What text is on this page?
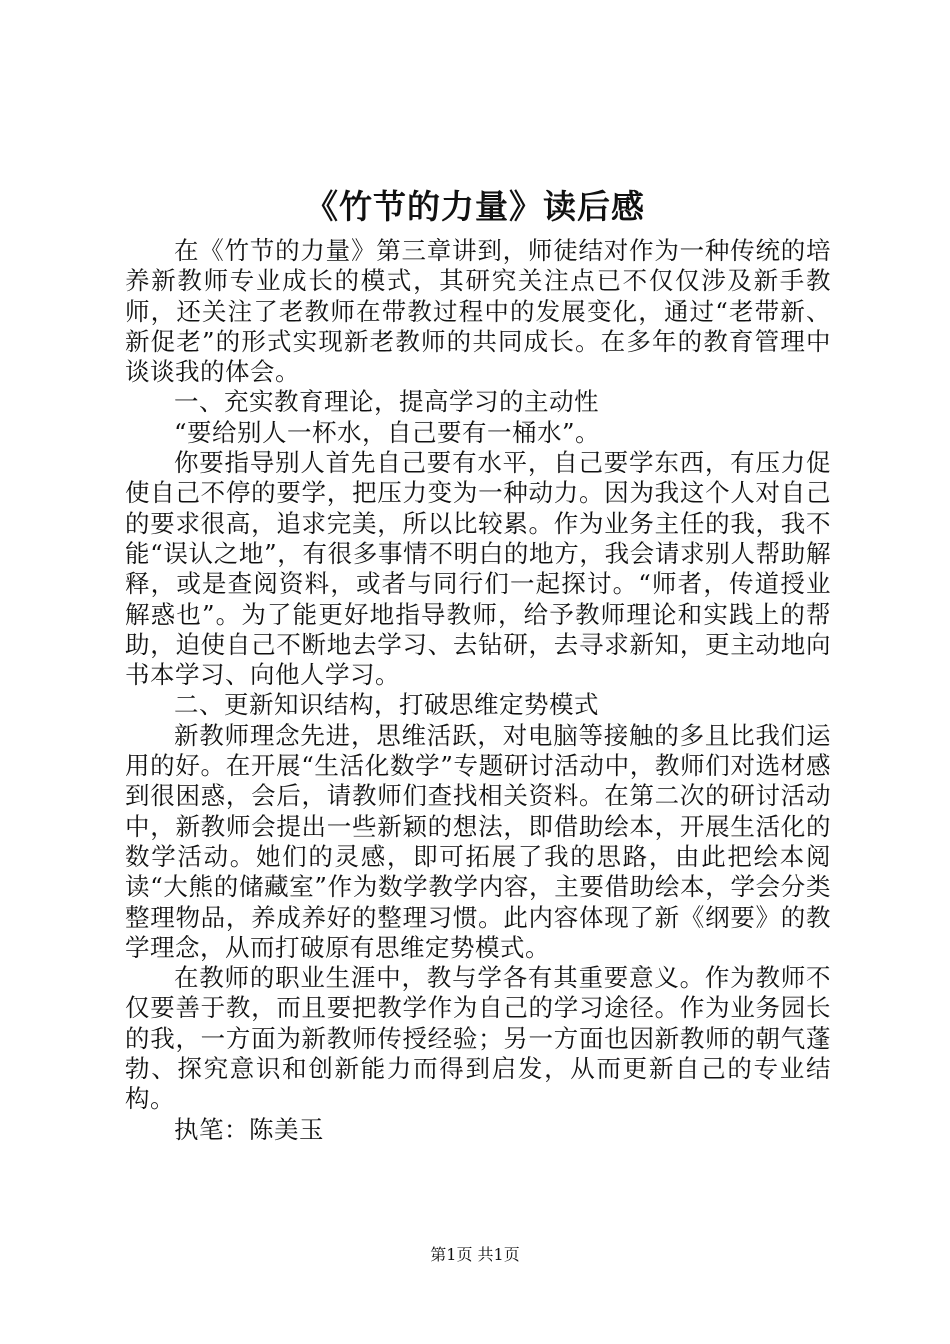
《竹节的力量》读后感

在《竹节的力量》第三章讲到，师徒结对作为一种传统的培养新教师专业成长的模式，其研究关注点已不仅仅涉及新手教师，还关注了老教师在带教过程中的发展变化，通过“老带新、新促老”的形式实现新老教师的共同成长。在多年的教育管理中谈谈我的体会。

一、充实教育理论，提高学习的主动性

“要给别人一杯水，自己要有一桶水”。

你要指导别人首先自己要有水平，自己要学东西，有压力促使自己不停的要学，把压力变为一种动力。因为我这个人对自己的要求很高，追求完美，所以比较累。作为业务主任的我，我不能“误认之地”，有很多事情不明白的地方，我会请求别人帮助解释，或是查阅资料，或者与同行们一起探讨。“师者，传道授业解惑也”。为了能更好地指导教师，给予教师理论和实践上的帮助，迫使自己不断地去学习、去钻研，去寻求新知，更主动地向书本学习、向他人学习。

二、更新知识结构，打破思维定势模式

新教师理念先进，思维活跃，对电脑等接触的多且比我们运用的好。在开展“生活化数学”专题研讨活动中，教师们对选材感到很困惑，会后，请教师们查找相关资料。在第二次的研讨活动中，新教师会提出一些新颖的想法，即借助绘本，开展生活化的数学活动。她们的灵感，即可拓展了我的思路，由此把绘本阅读“大熊的储藏室”作为数学教学内容，主要借助绘本，学会分类整理物品，养成养好的整理习惯。此内容体现了新《纲要》的教学理念，从而打破原有思维定势模式。

在教师的职业生涯中，教与学各有其重要意义。作为教师不仅要善于教，而且要把教学作为自己的学习途径。作为业务园长的我，一方面为新教师传授经验；另一方面也因新教师的朝气蓬勃、探究意识和创新能力而得到启发，从而更新自己的专业结构。

执笔：陈美玉

第1页 共1页
